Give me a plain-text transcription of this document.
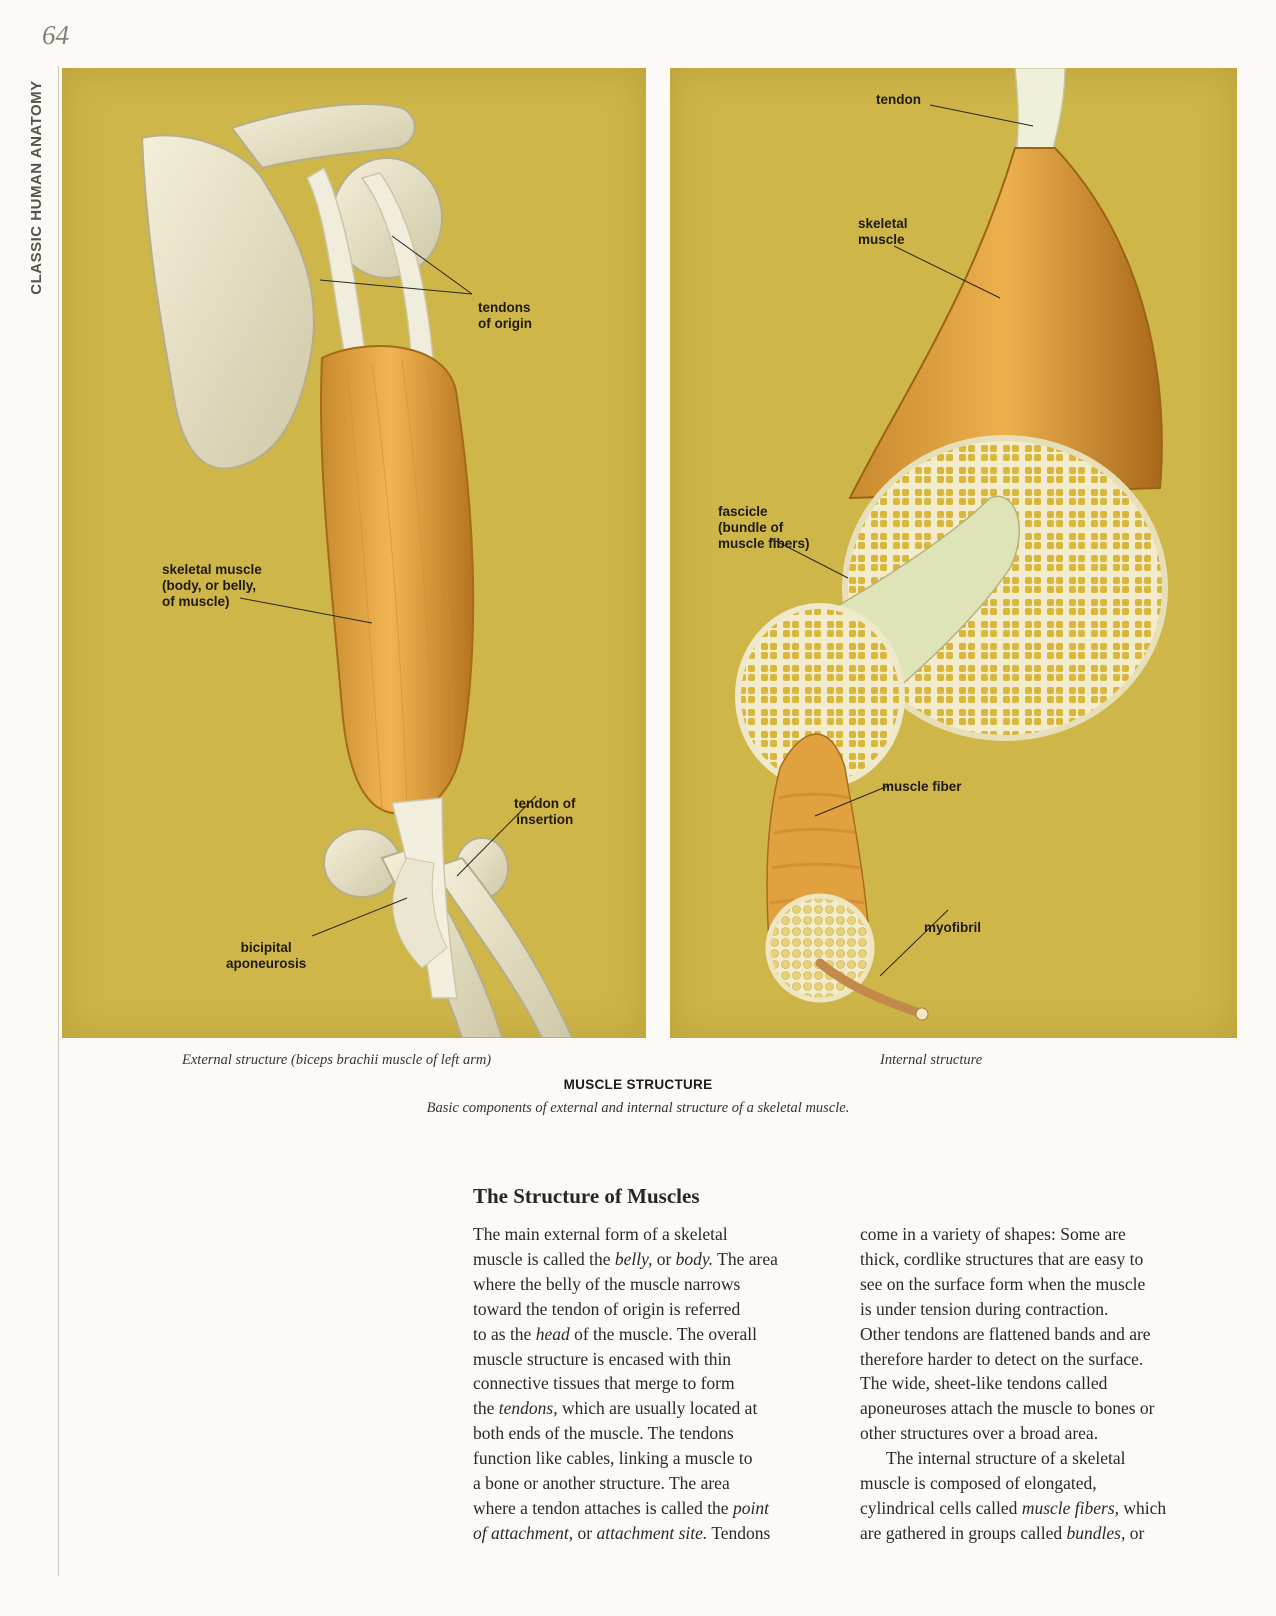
64
CLASSIC HUMAN ANATOMY
tendons
of origin
skeletal muscle
(body, or belly,
of muscle)
tendon of
insertion
bicipital
aponeurosis
tendon
skeletal
muscle
fascicle
(bundle of
muscle fibers)
muscle fiber
myofibril
External structure (biceps brachii muscle of left arm)	Internal structure
MUSCLE STRUCTURE
Basic components of external and internal structure of a skeletal muscle.
The Structure of Muscles

The main external form of a skeletal
muscle is called the belly, or body. The area
where the belly of the muscle narrows
toward the tendon of origin is referred
to as the head of the muscle. The overall
muscle structure is encased with thin
connective tissues that merge to form
the tendons, which are usually located at
both ends of the muscle. The tendons
function like cables, linking a muscle to
a bone or another structure. The area
where a tendon attaches is called the point
of attachment, or attachment site. Tendons

come in a variety of shapes: Some are
thick, cordlike structures that are easy to
see on the surface form when the muscle
is under tension during contraction.
Other tendons are flattened bands and are
therefore harder to detect on the surface.
The wide, sheet-like tendons called
aponeuroses attach the muscle to bones or
other structures over a broad area.

The internal structure of a skeletal
muscle is composed of elongated,
cylindrical cells called muscle fibers, which
are gathered in groups called bundles, or
